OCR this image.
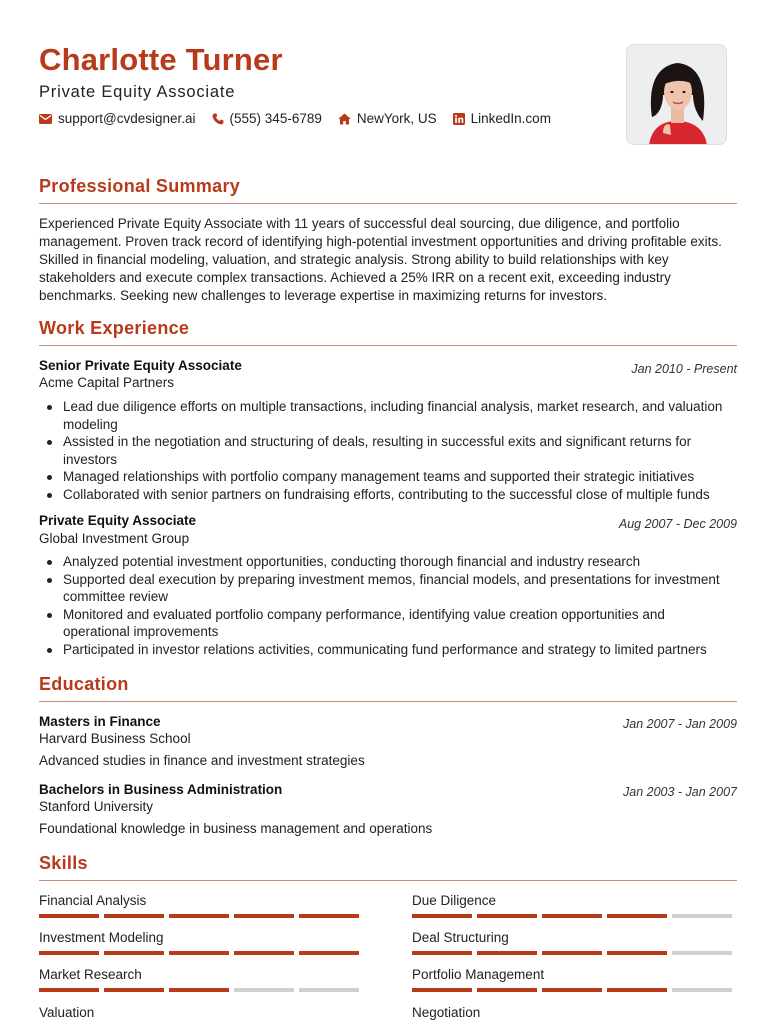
Charlotte Turner
Private Equity Associate
support@cvdesigner.ai	(555) 345-6789	NewYork, US	LinkedIn.com
Professional Summary
Experienced Private Equity Associate with 11 years of successful deal sourcing, due diligence, and portfolio management. Proven track record of identifying high-potential investment opportunities and driving profitable exits. Skilled in financial modeling, valuation, and strategic analysis. Strong ability to build relationships with key stakeholders and execute complex transactions. Achieved a 25% IRR on a recent exit, exceeding industry benchmarks. Seeking new challenges to leverage expertise in maximizing returns for investors.
Work Experience
Senior Private Equity Associate	Jan 2010 - Present
Acme Capital Partners
Lead due diligence efforts on multiple transactions, including financial analysis, market research, and valuation modeling
Assisted in the negotiation and structuring of deals, resulting in successful exits and significant returns for investors
Managed relationships with portfolio company management teams and supported their strategic initiatives
Collaborated with senior partners on fundraising efforts, contributing to the successful close of multiple funds
Private Equity Associate	Aug 2007 - Dec 2009
Global Investment Group
Analyzed potential investment opportunities, conducting thorough financial and industry research
Supported deal execution by preparing investment memos, financial models, and presentations for investment committee review
Monitored and evaluated portfolio company performance, identifying value creation opportunities and operational improvements
Participated in investor relations activities, communicating fund performance and strategy to limited partners
Education
Masters in Finance	Jan 2007 - Jan 2009
Harvard Business School
Advanced studies in finance and investment strategies
Bachelors in Business Administration	Jan 2003 - Jan 2007
Stanford University
Foundational knowledge in business management and operations
Skills
Financial Analysis	Due Diligence
Investment Modeling	Deal Structuring
Market Research	Portfolio Management
Valuation	Negotiation
